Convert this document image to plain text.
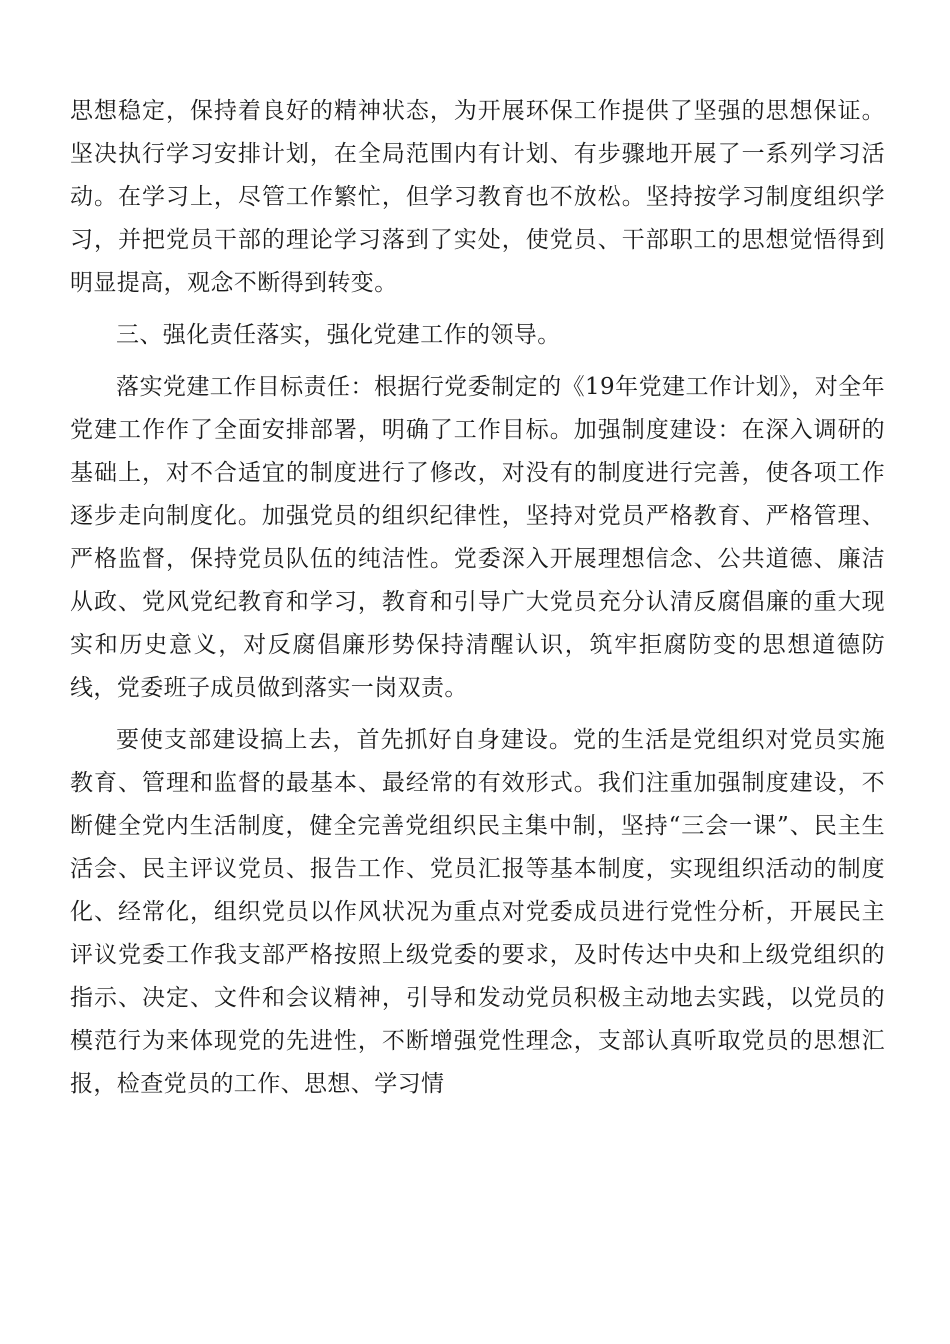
思想稳定，保持着良好的精神状态，为开展环保工作提供了坚强的思想保证。坚决执行学习安排计划，在全局范围内有计划、有步骤地开展了一系列学习活动。在学习上，尽管工作繁忙，但学习教育也不放松。坚持按学习制度组织学习，并把党员干部的理论学习落到了实处，使党员、干部职工的思想觉悟得到明显提高，观念不断得到转变。

三、强化责任落实，强化党建工作的领导。

落实党建工作目标责任：根据行党委制定的《19年党建工作计划》，对全年党建工作作了全面安排部署，明确了工作目标。加强制度建设：在深入调研的基础上，对不合适宜的制度进行了修改，对没有的制度进行完善，使各项工作逐步走向制度化。加强党员的组织纪律性，坚持对党员严格教育、严格管理、严格监督，保持党员队伍的纯洁性。党委深入开展理想信念、公共道德、廉洁从政、党风党纪教育和学习，教育和引导广大党员充分认清反腐倡廉的重大现实和历史意义，对反腐倡廉形势保持清醒认识，筑牢拒腐防变的思想道德防线，党委班子成员做到落实一岗双责。

要使支部建设搞上去，首先抓好自身建设。党的生活是党组织对党员实施教育、管理和监督的最基本、最经常的有效形式。我们注重加强制度建设，不断健全党内生活制度，健全完善党组织民主集中制，坚持“三会一课”、民主生活会、民主评议党员、报告工作、党员汇报等基本制度，实现组织活动的制度化、经常化，组织党员以作风状况为重点对党委成员进行党性分析，开展民主评议党委工作我支部严格按照上级党委的要求，及时传达中央和上级党组织的指示、决定、文件和会议精神，引导和发动党员积极主动地去实践，以党员的模范行为来体现党的先进性，不断增强党性理念，支部认真听取党员的思想汇报，检查党员的工作、思想、学习情
